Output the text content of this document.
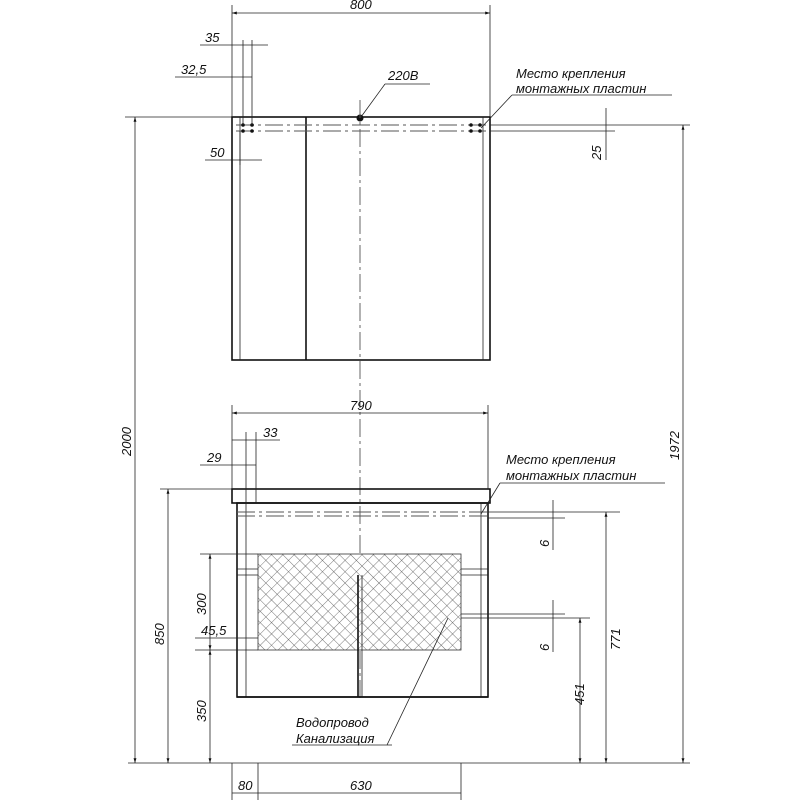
800
35
32,5
50
220В	Место крепления
монтажных пластин
25
790
33
29	Место крепления
монтажных пластин
6
6	771
451
300
45,5
350
850
2000	1972
80	630
Водопровод
Канализация
